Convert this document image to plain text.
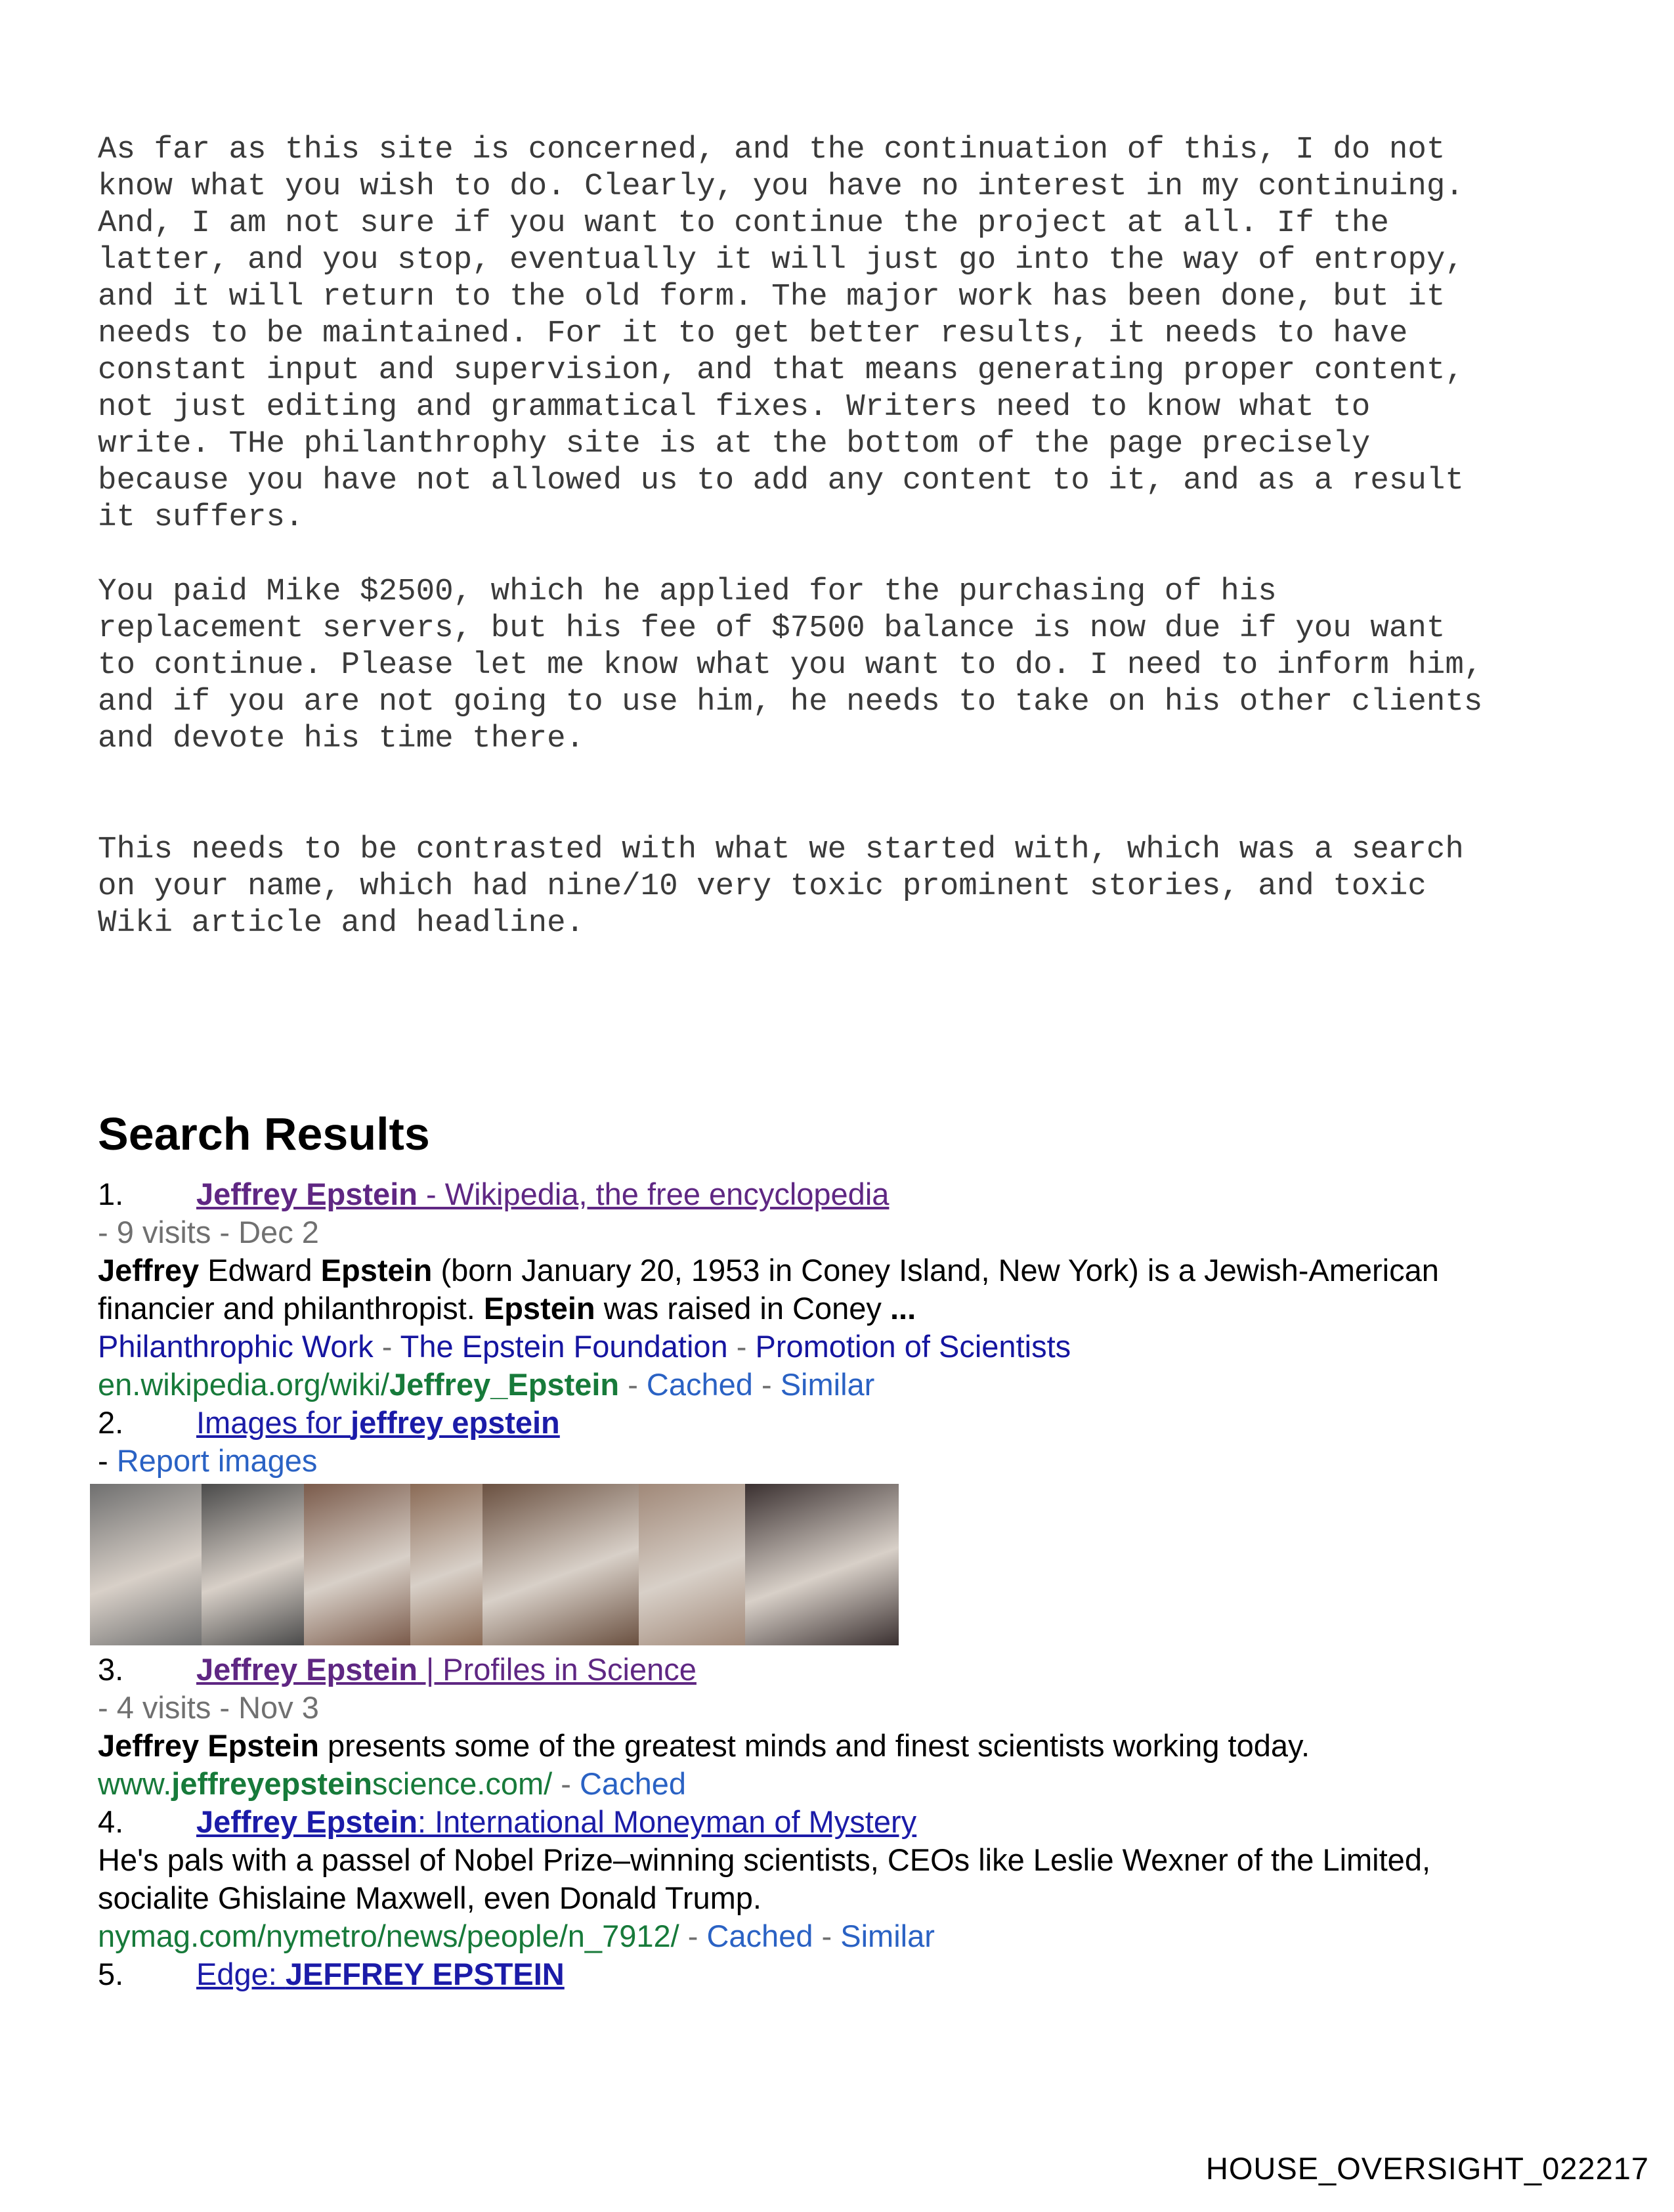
As far as this site is concerned, and the continuation of this, I do not
know what you wish to do. Clearly, you have no interest in my continuing.
And, I am not sure if you want to continue the project at all. If the
latter, and you stop, eventually it will just go into the way of entropy,
and it will return to the old form. The major work has been done, but it
needs to be maintained. For it to get better results, it needs to have
constant input and supervision, and that means generating proper content,
not just editing and grammatical fixes. Writers need to know what to
write. THe philanthrophy site is at the bottom of the page precisely
because you have not allowed us to add any content to it, and as a result
it suffers.
You paid Mike $2500, which he applied for the purchasing of his
replacement servers, but his fee of $7500 balance is now due if you want
to continue. Please let me know what you want to do. I need to inform him,
and if you are not going to use him, he needs to take on his other clients
and devote his time there.
This needs to be contrasted with what we started with, which was a search
on your name, which had nine/10 very toxic prominent stories, and toxic
Wiki article and headline.
Search Results
1.	Jeffrey Epstein - Wikipedia, the free encyclopedia
- 9 visits - Dec 2
Jeffrey Edward Epstein (born January 20, 1953 in Coney Island, New York) is a Jewish-American financier and philanthropist. Epstein was raised in Coney ...
Philanthrophic Work - The Epstein Foundation - Promotion of Scientists
en.wikipedia.org/wiki/Jeffrey_Epstein - Cached - Similar
2.	Images for jeffrey epstein
- Report images
3.	Jeffrey Epstein | Profiles in Science
- 4 visits - Nov 3
Jeffrey Epstein presents some of the greatest minds and finest scientists working today.
www.jeffreyepsteinscience.com/ - Cached
4.	Jeffrey Epstein: International Moneyman of Mystery
He's pals with a passel of Nobel Prize–winning scientists, CEOs like Leslie Wexner of the Limited, socialite Ghislaine Maxwell, even Donald Trump.
nymag.com/nymetro/news/people/n_7912/ - Cached - Similar
5.	Edge: JEFFREY EPSTEIN
HOUSE_OVERSIGHT_022217
